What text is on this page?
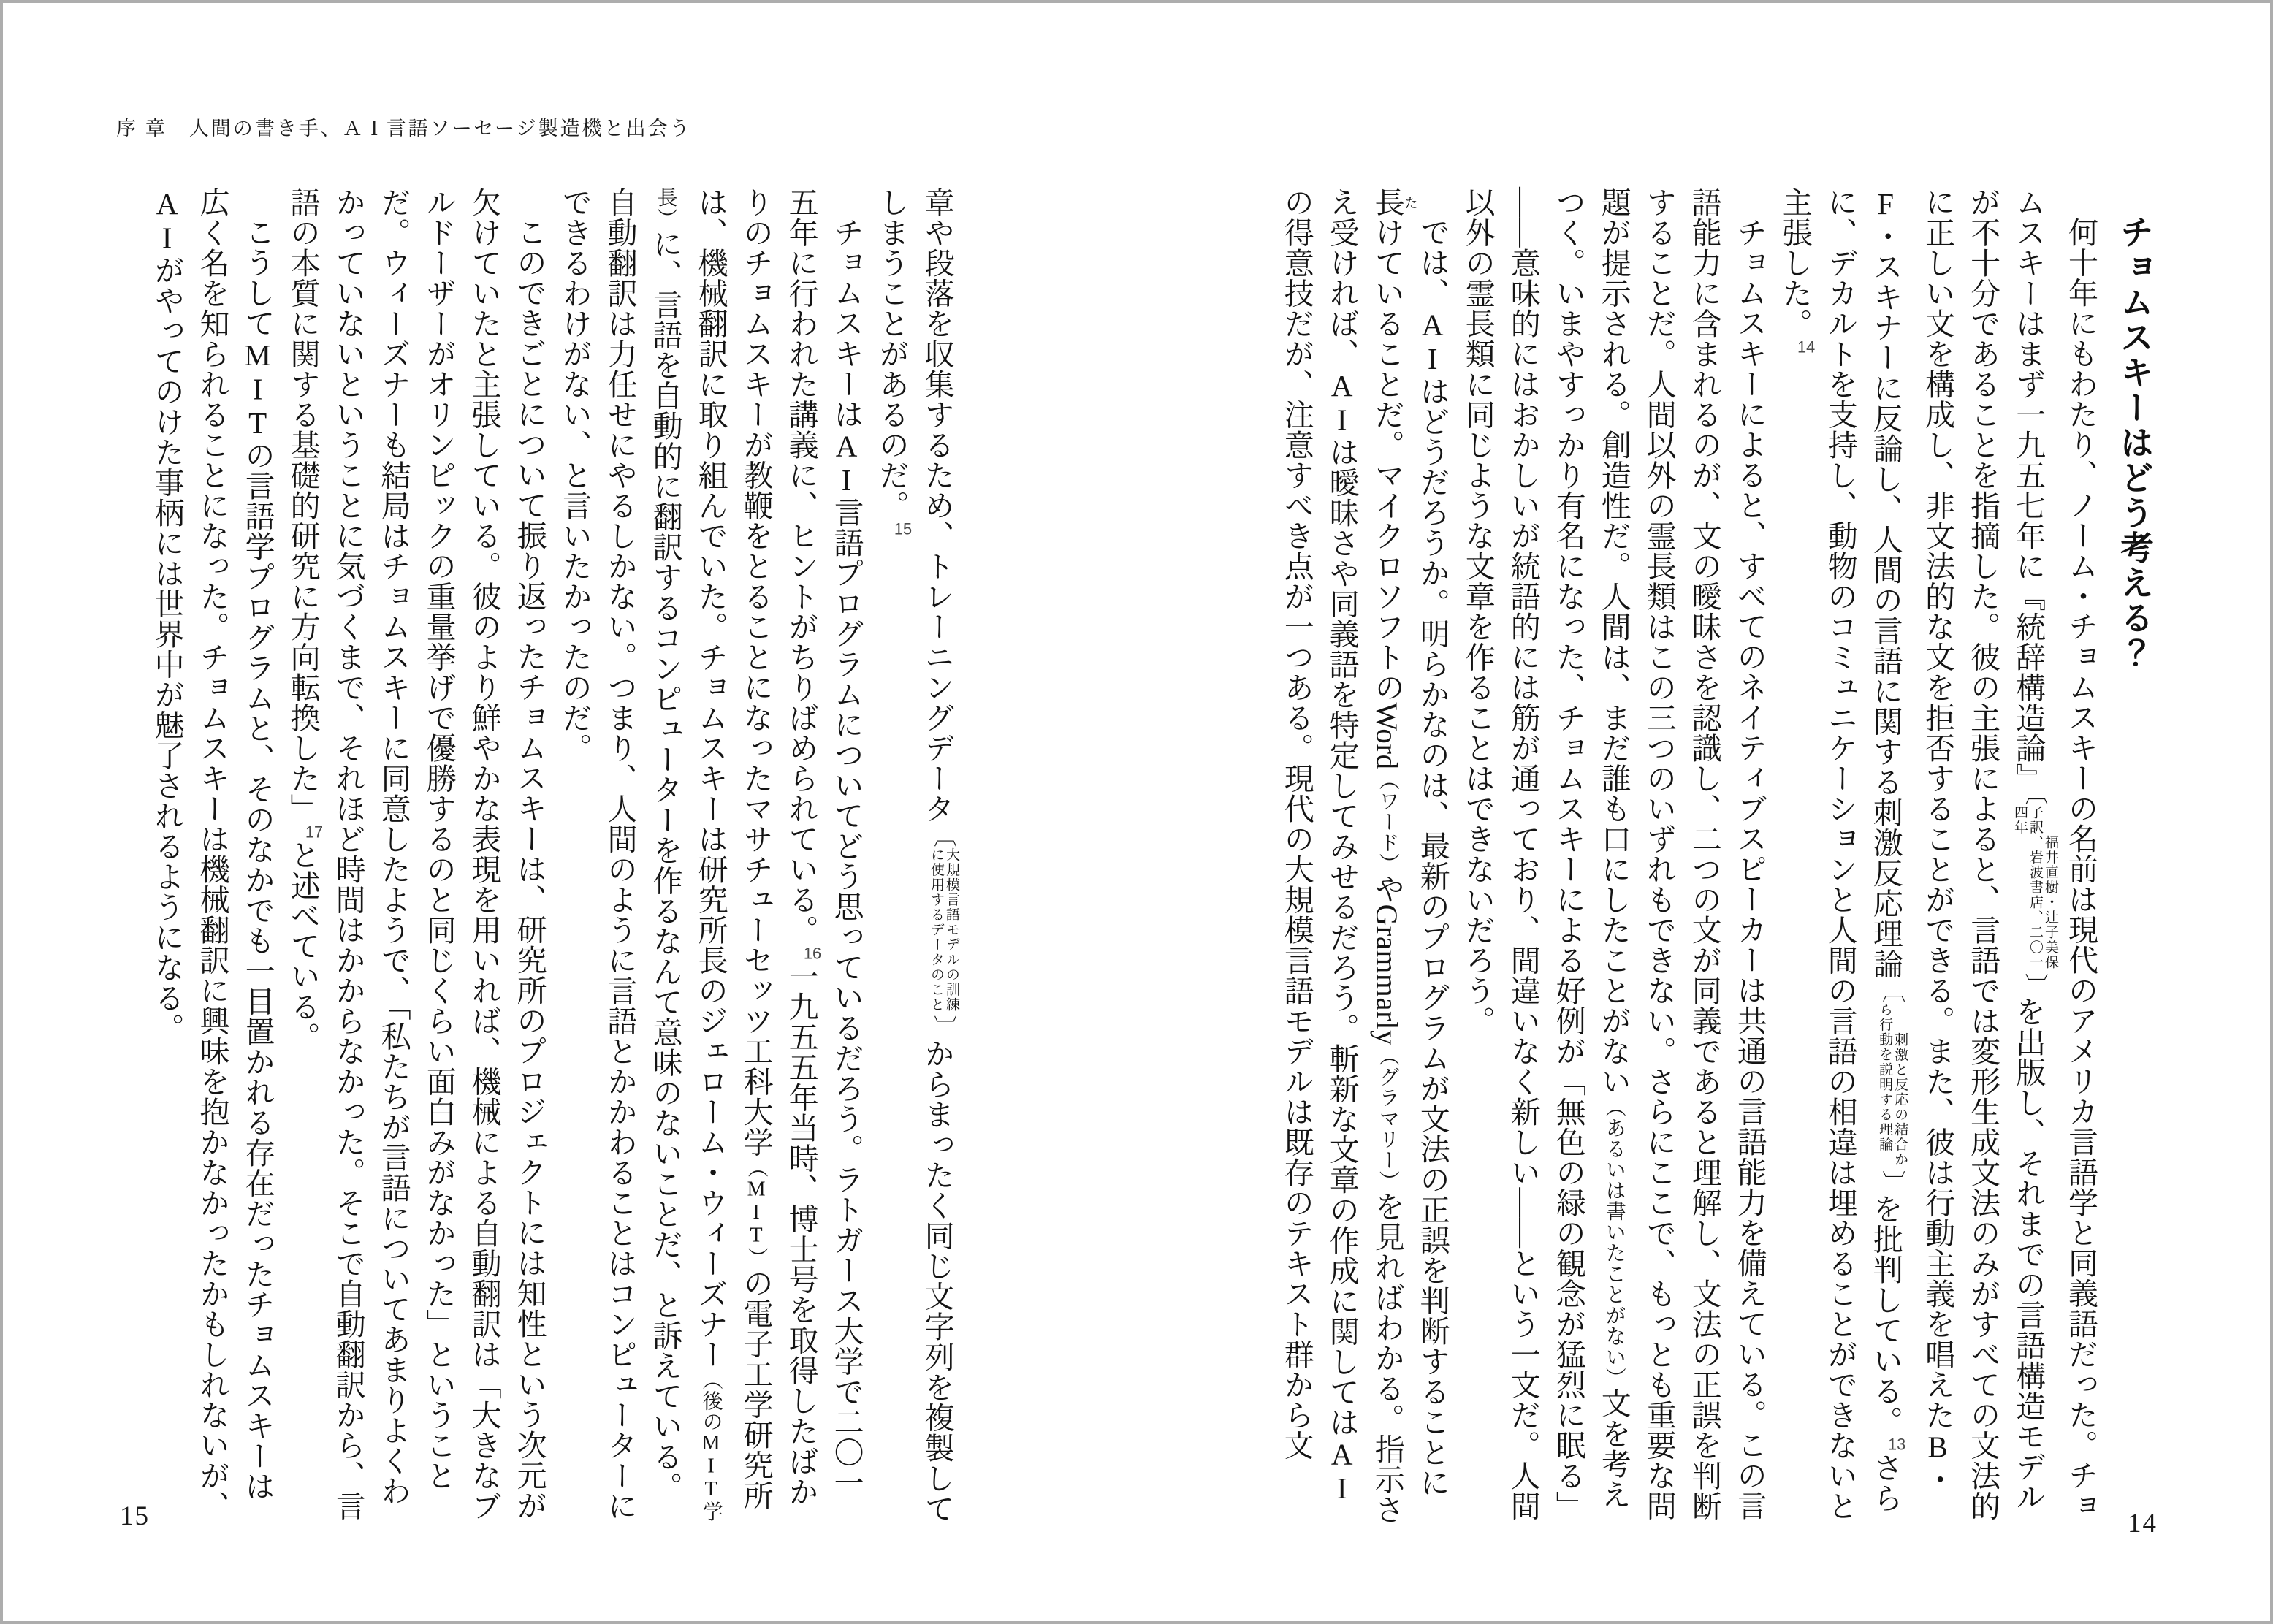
序 章　人間の書き手、ＡＩ言語ソーセージ製造機と出会う
チョムスキーはどう考える？

何十年にもわたり、ノーム・チョムスキーの名前は現代のアメリカ言語学と同義語だった。チョムスキーはまず一九五七年に『統辞構造論』〔福井直樹・辻子美保子訳、岩波書店、二〇一四年〕を出版し、それまでの言語構造モデルが不十分であることを指摘した。彼の主張によると、言語では変形生成文法のみがすべての文法的に正しい文を構成し、非文法的な文を拒否することができる。また、彼は行動主義を唱えたB・F・スキナーに反論し、人間の言語に関する刺激反応理論〔刺激と反応の結合から行動を説明する理論〕を批判している。$^{13}$さらに、デカルトを支持し、動物のコミュニケーションと人間の言語の相違は埋めることができないと主張した。$^{14}$

チョムスキーによると、すべてのネイティブスピーカーは共通の言語能力を備えている。この言語能力に含まれるのが、文の曖昧さを認識し、二つの文が同義であると理解し、文法の正誤を判断することだ。人間以外の霊長類はこの三つのいずれもできない。さらにここで、もっとも重要な問題が提示される。創造性だ。人間は、まだ誰も口にしたことがない（あるいは書いたことがない）文を考えつく。いまやすっかり有名になった、チョムスキーによる好例が「無色の緑の観念が猛烈に眠る」――意味的にはおかしいが統語的には筋が通っており、間違いなく新しい――という一文だ。人間以外の霊長類に同じような文章を作ることはできないだろう。

では、AIはどうだろうか。明らかなのは、最新のプログラムが文法の正誤を判断することに長たけていることだ。マイクロソフトのWord（ワード）やGrammarly（グラマリー）を見ればわかる。指示さえ受ければ、AIは曖昧さや同義語を特定してみせるだろう。斬新な文章の作成に関してはAIの得意技だが、注意すべき点が一つある。現代の大規模言語モデルは既存のテキスト群から文

章や段落を収集するため、トレーニングデータ〔大規模言語モデルの訓練に使用するデータのこと〕からまったく同じ文字列を複製してしまうことがあるのだ。$^{15}$

チョムスキーはAI言語プログラムについてどう思っているだろう。ラトガース大学で二〇一五年に行われた講義に、ヒントがちりばめられている。$^{16}$一九五五年当時、博士号を取得したばかりのチョムスキーが教鞭をとることになったマサチューセッツ工科大学（MIT）の電子工学研究所は、機械翻訳に取り組んでいた。チョムスキーは研究所長のジェローム・ウィーズナー（後のMIT学長）に、言語を自動的に翻訳するコンピューターを作るなんて意味のないことだ、と訴えている。自動翻訳は力任せにやるしかない。つまり、人間のように言語とかかわることはコンピューターにできるわけがない、と言いたかったのだ。

このできごとについて振り返ったチョムスキーは、研究所のプロジェクトには知性という次元が欠けていたと主張している。彼のより鮮やかな表現を用いれば、機械による自動翻訳は「大きなブルドーザーがオリンピックの重量挙げで優勝するのと同じくらい面白みがなかった」ということだ。ウィーズナーも結局はチョムスキーに同意したようで、「私たちが言語についてあまりよくわかっていないということに気づくまで、それほど時間はかからなかった。そこで自動翻訳から、言語の本質に関する基礎的研究に方向転換した」$^{17}$と述べている。

こうしてMITの言語学プログラムと、そのなかでも一目置かれる存在だったチョムスキーは広く名を知られることになった。チョムスキーは機械翻訳に興味を抱かなかったかもしれないが、AIがやってのけた事柄には世界中が魅了されるようになる。

14
15
